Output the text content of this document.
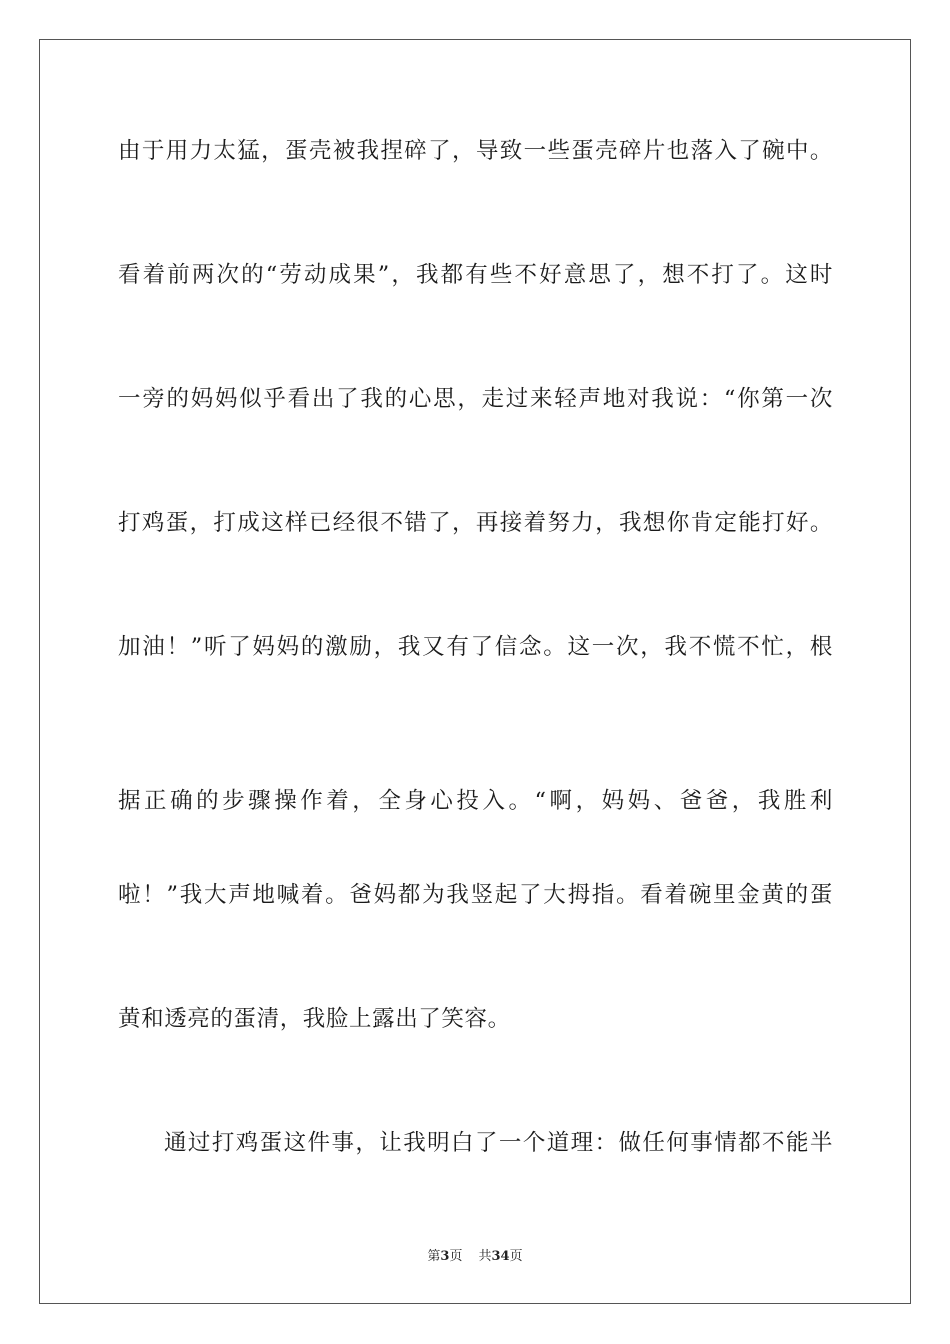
由于用力太猛，蛋壳被我捏碎了，导致一些蛋壳碎片也落入了碗中。
看着前两次的“劳动成果”，我都有些不好意思了，想不打了。这时
一旁的妈妈似乎看出了我的心思，走过来轻声地对我说：“你第一次
打鸡蛋，打成这样已经很不错了，再接着努力，我想你肯定能打好。
加油！”听了妈妈的激励，我又有了信念。这一次，我不慌不忙，根
据正确的步骤操作着，全身心投入。“啊，妈妈、爸爸，我胜利
啦！”我大声地喊着。爸妈都为我竖起了大拇指。看着碗里金黄的蛋
黄和透亮的蛋清，我脸上露出了笑容。
通过打鸡蛋这件事，让我明白了一个道理：做任何事情都不能半
第3页 共34页
